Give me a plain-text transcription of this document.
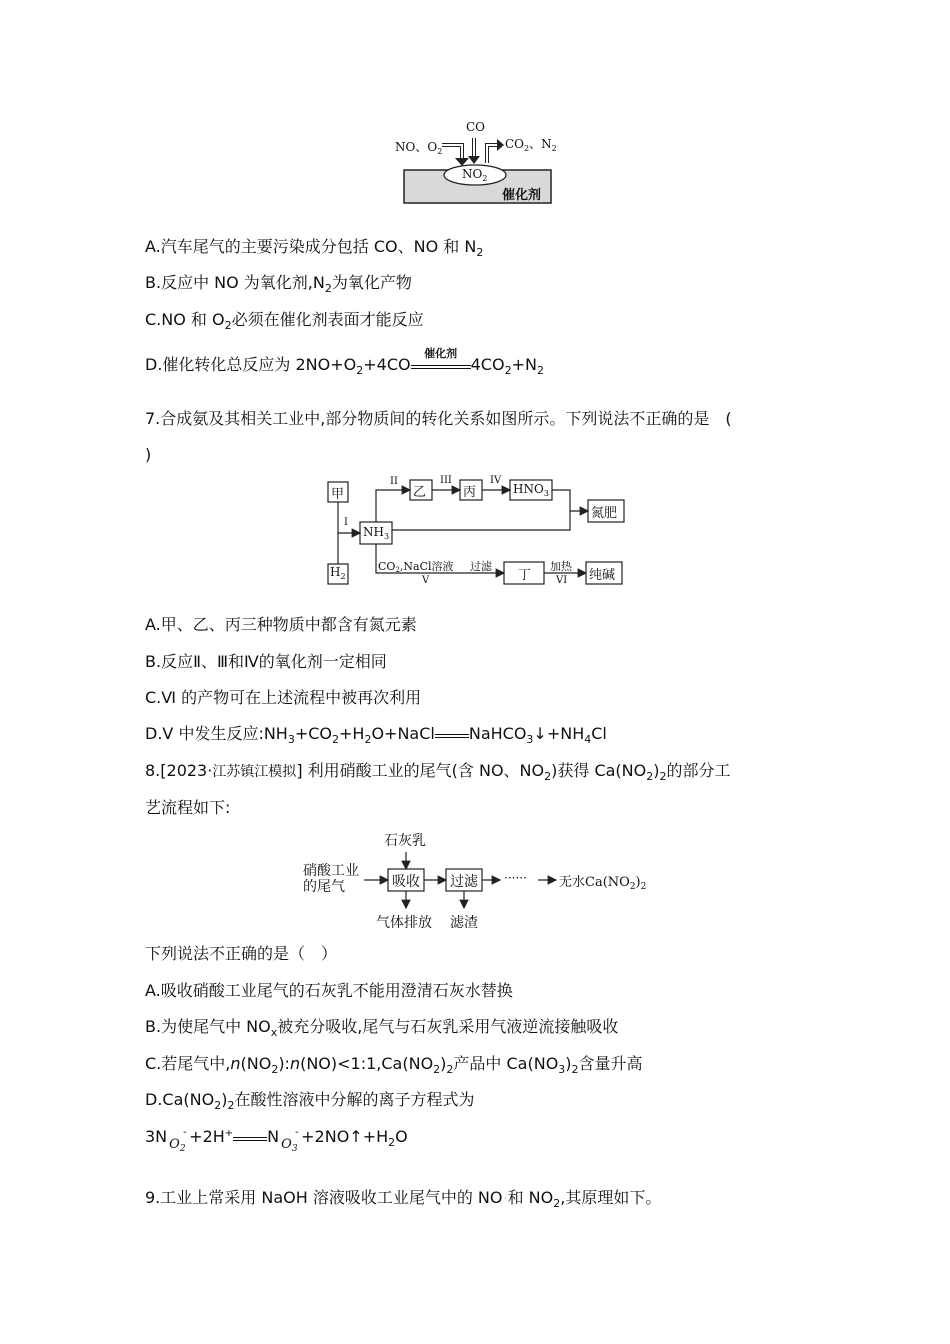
CO
NO、$O_2$
$CO_2$、$N_2$
$NO_2$
催化剂
A.汽车尾气的主要污染成分包括 CO、NO 和 $N_2$
B.反应中 NO 为氧化剂$,N_2$为氧化产物
C.NO 和 $O_2$必须在催化剂表面才能反应
D.催化转化总反应为 $2NO+O_2+4CO$
催化剂
$4CO_2+N_2$
7.合成氨及其相关工业中,部分物质间的转化关系如图所示。下列说法不正确的是　(
)
甲
$H_2$
$NH_3$
乙	丙	$HNO_3$
氮肥
丁	纯碱
I
II	III	IV
V	VI
CO2,NaCl溶液 过滤	加热
A.甲、乙、丙三种物质中都含有氮元素
B.反应Ⅱ、Ⅲ和Ⅳ的氧化剂一定相同
C.Ⅵ 的产物可在上述流程中被再次利用
D.Ⅴ 中发生反应$:NH_3+CO_2+H_2O+NaCl$ $NaHCO_3↓+NH_4Cl$
8.[2023·江苏镇江模拟] 利用硝酸工业的尾气(含 NO、$NO_2$)获得 $Ca(NO_2)_2$的部分工
艺流程如下:
石灰乳
硝酸工业
的尾气	吸收 过滤 ······ 无水$Ca(NO_2)_2$
气体排放 滤渣
下列说法不正确的是（　）
A.吸收硝酸工业尾气的石灰乳不能用澄清石灰水替换
B.为使尾气中 $NO_x$被充分吸收,尾气与石灰乳采用气液逆流接触吸收
C.若尾气中$,n(NO_2):n(NO)<1:1,Ca(NO_2)_2$产品中 $Ca(NO_3)_2$含量升高
$D.Ca(NO_2)_2$在酸性溶液中分解的离子方程式为
3N $O_2$
- +2H+ N $O_3$
- $+2NO↑+H_2O$
9.工业上常采用 NaOH 溶液吸收工业尾气中的 NO 和 $NO_2$,其原理如下。
